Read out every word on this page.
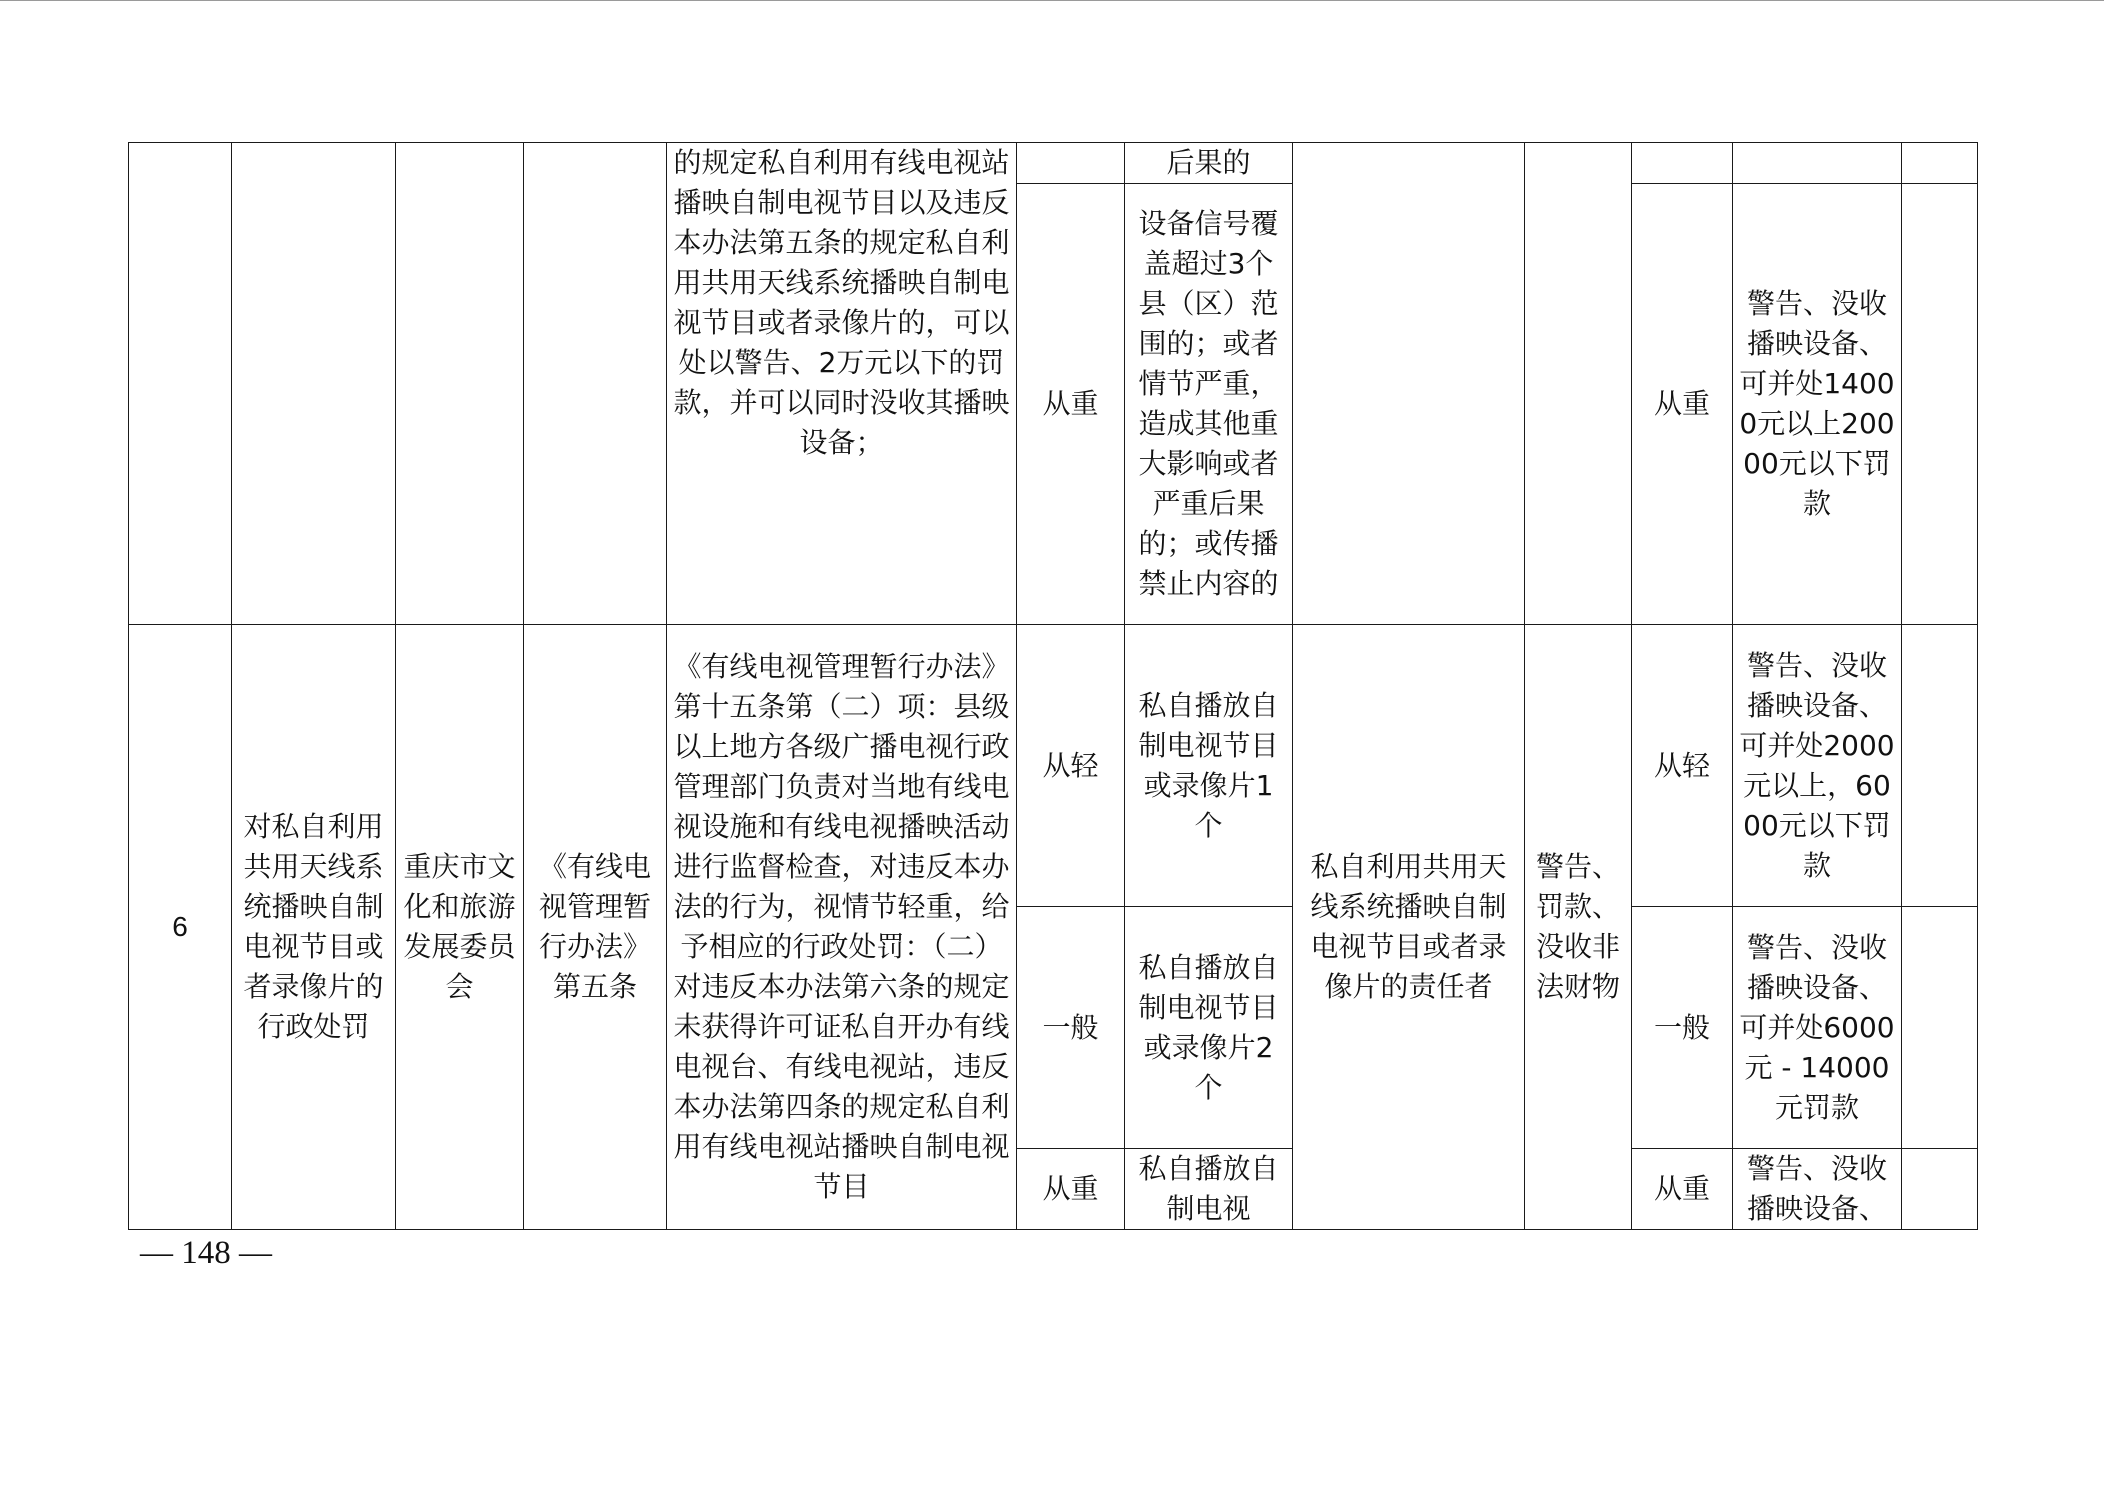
				的规定私自利用有线电视站播映自制电视节目以及违反本办法第五条的规定私自利用共用天线系统播映自制电视节目或者录像片的，可以处以警告、2万元以下的罚款，并可以同时没收其播映设备；		后果的					
					从重	设备信号覆盖超过3个县（区）范围的；或者情节严重，造成其他重大影响或者严重后果的；或传播禁止内容的			从重	警告、没收播映设备、可并处14000元以上20000元以下罚款	
6	对私自利用共用天线系统播映自制电视节目或者录像片的行政处罚	重庆市文化和旅游发展委员会	《有线电视管理暂行办法》第五条	《有线电视管理暂行办法》第十五条第（二）项：县级以上地方各级广播电视行政管理部门负责对当地有线电视设施和有线电视播映活动进行监督检查，对违反本办法的行为，视情节轻重，给予相应的行政处罚：（二）对违反本办法第六条的规定未获得许可证私自开办有线电视台、有线电视站，违反本办法第四条的规定私自利用有线电视站播映自制电视节目	从轻	私自播放自制电视节目或录像片1个	私自利用共用天线系统播映自制电视节目或者录像片的责任者	警告、罚款、没收非法财物	从轻	警告、没收播映设备、可并处2000元以上，6000元以下罚款	
					一般	私自播放自制电视节目或录像片2个			一般	警告、没收播映设备、可并处6000元 - 14000元罚款	
					从重	私自播放自制电视			从重	警告、没收播映设备、	
— 148 —
